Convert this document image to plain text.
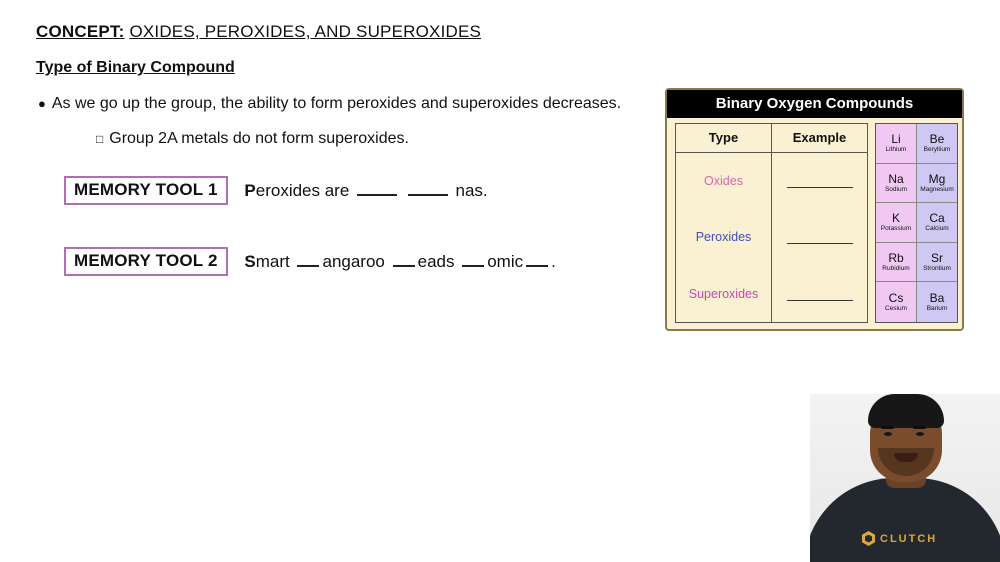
CONCEPT: OXIDES, PEROXIDES, AND SUPEROXIDES
Type of Binary Compound
● As we go up the group, the ability to form peroxides and superoxides decreases.
□ Group 2A metals do not form superoxides.
MEMORY TOOL 1 Peroxides are	nas.
MEMORY TOOL 2 Smart angaroo eads omic .
Binary Oxygen Compounds
Type	Example
Oxides
Peroxides
Superoxides
Li
Lithium
Be
Beryllium
Na
Sodium
Mg
Magnesium
K
Potassium
Ca
Calcium
Rb
Rubidium
Sr
Strontium
Cs
Cesium
Ba
Barium
CLUTCH
